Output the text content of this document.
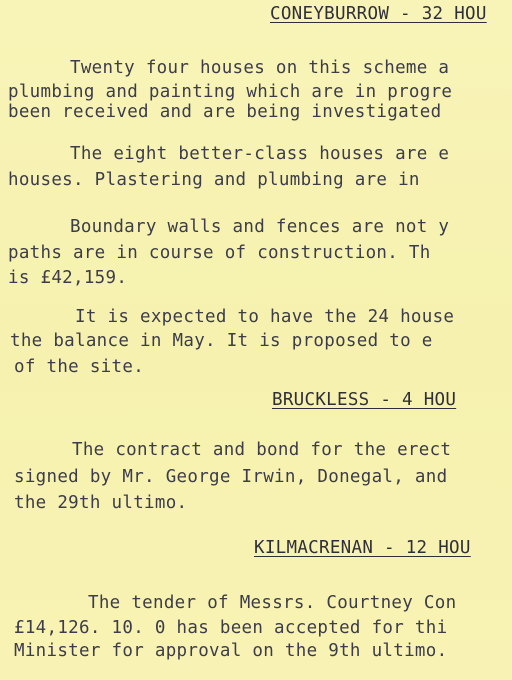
CONEYBURROW - 32 HOU
Twenty four houses on this scheme a
plumbing and painting which are in progre
been received and are being investigated
The eight better-class houses are e
houses. Plastering and plumbing are in
Boundary walls and fences are not y
paths are in course of construction. Th
is £42,159.
It is expected to have the 24 house
the balance in May. It is proposed to e
of the site.
BRUCKLESS - 4 HOU
The contract and bond for the erect
signed by Mr. George Irwin, Donegal, and
the 29th ultimo.
KILMACRENAN - 12 HOU
The tender of Messrs. Courtney Con
£14,126. 10. 0 has been accepted for thi
Minister for approval on the 9th ultimo.
